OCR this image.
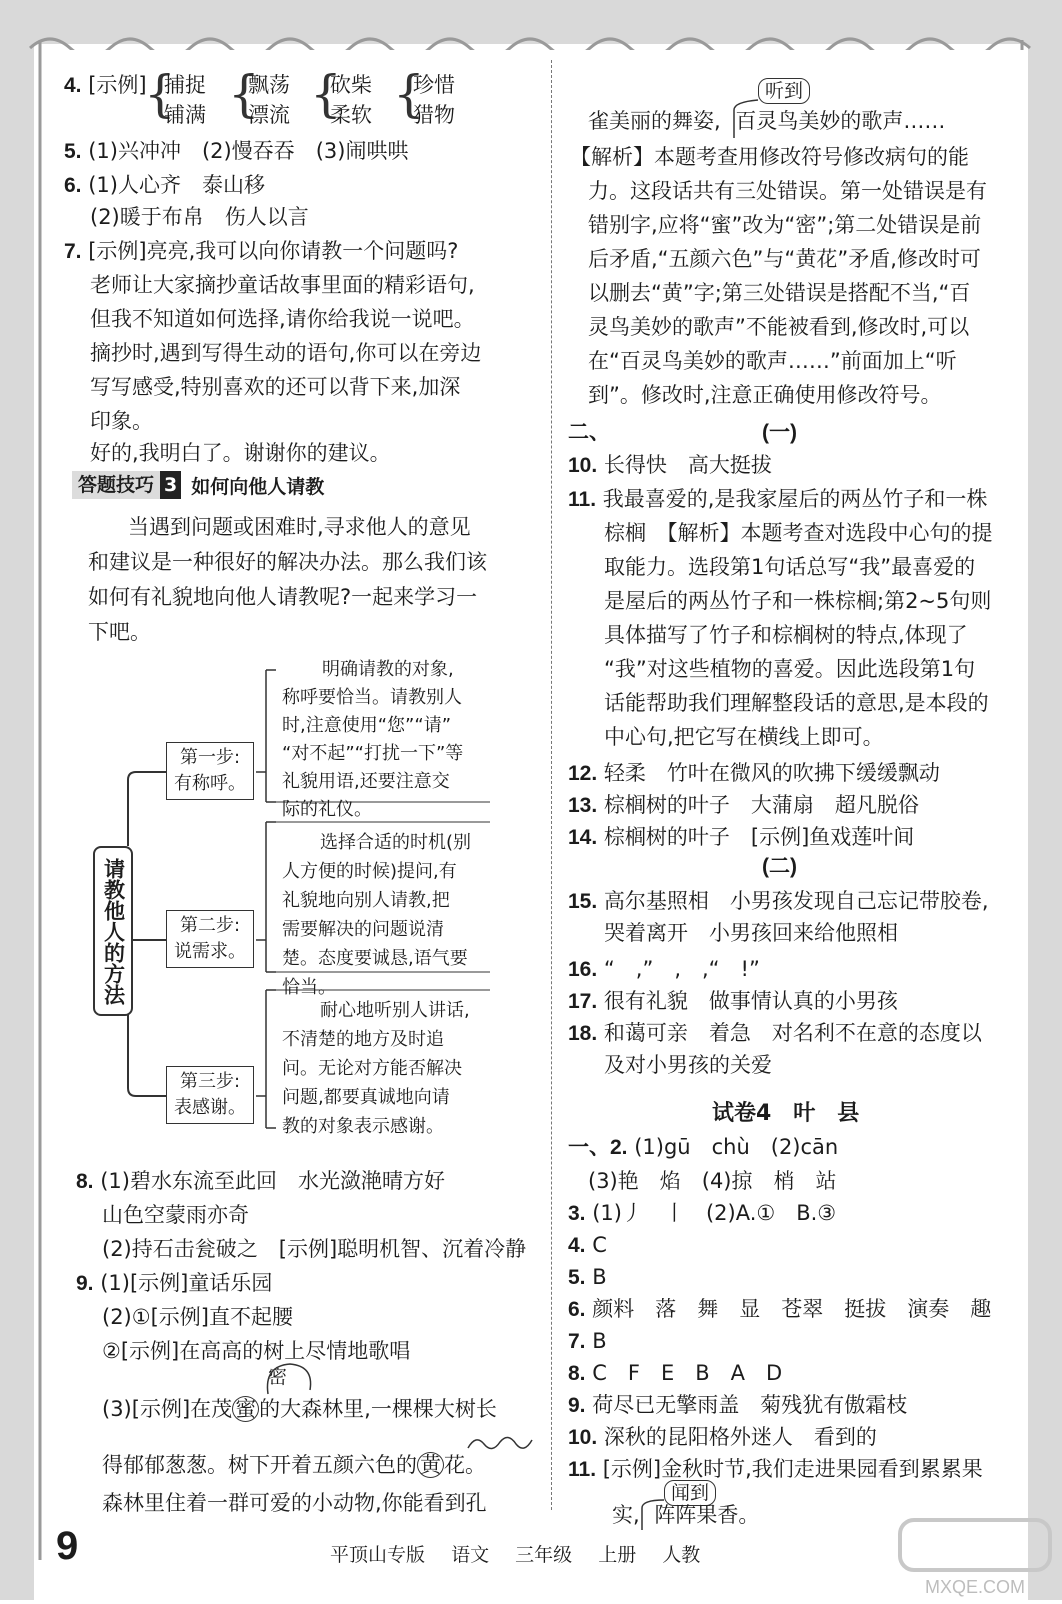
4. [示例]
{
捕捉
铺满 {
飘荡
漂流 {
砍柴
柔软 {
珍惜
猎物
5. (1)兴冲冲　(2)慢吞吞　(3)闹哄哄
6. (1)人心齐　泰山移
(2)暖于布帛　伤人以言
7. [示例]亮亮,我可以向你请教一个问题吗?
老师让大家摘抄童话故事里面的精彩语句,
但我不知道如何选择,请你给我说一说吧。
摘抄时,遇到写得生动的语句,你可以在旁边
写写感受,特别喜欢的还可以背下来,加深
印象。
好的,我明白了。谢谢你的建议。
答题技巧 3 如何向他人请教
当遇到问题或困难时,寻求他人的意见
和建议是一种很好的解决办法。那么我们该
如何有礼貌地向他人请教呢?一起来学习一
下吧。
请教他人的方法
第一步:
有称呼。
明确请教的对象,
称呼要恰当。请教别人
时,注意使用“您”“请”
“对不起”“打扰一下”等
礼貌用语,还要注意交
际的礼仪。
第二步:
说需求。
选择合适的时机(别
人方便的时候)提问,有
礼貌地向别人请教,把
需要解决的问题说清
楚。态度要诚恳,语气要
恰当。
第三步:
表感谢。
耐心地听别人讲话,
不清楚的地方及时追
问。无论对方能否解决
问题,都要真诚地向请
教的对象表示感谢。
8. (1)碧水东流至此回　水光潋滟晴方好
山色空蒙雨亦奇
(2)持石击瓮破之　[示例]聪明机智、沉着冷静
9. (1)[示例]童话乐园
(2)①[示例]直不起腰
②[示例]在高高的树上尽情地歌唱
密
(3)[示例]在茂 蜜 的大森林里,一棵棵大树长
得郁郁葱葱。树下开着五颜六色的 黄 花。
森林里住着一群可爱的小动物,你能看到孔
听到
雀美丽的舞姿, 百灵鸟美妙的歌声……
【解析】本题考查用修改符号修改病句的能
力。这段话共有三处错误。第一处错误是有
错别字,应将“蜜”改为“密”;第二处错误是前
后矛盾,“五颜六色”与“黄花”矛盾,修改时可
以删去“黄”字;第三处错误是搭配不当,“百
灵鸟美妙的歌声”不能被看到,修改时,可以
在“百灵鸟美妙的歌声……”前面加上“听
到”。修改时,注意正确使用修改符号。
二、	(一)
10. 长得快　高大挺拔
11. 我最喜爱的,是我家屋后的两丛竹子和一株
棕榈　【解析】本题考查对选段中心句的提
取能力。选段第1句话总写“我”最喜爱的
是屋后的两丛竹子和一株棕榈;第2~5句则
具体描写了竹子和棕榈树的特点,体现了
“我”对这些植物的喜爱。因此选段第1句
话能帮助我们理解整段话的意思,是本段的
中心句,把它写在横线上即可。
12. 轻柔　竹叶在微风的吹拂下缓缓飘动
13. 棕榈树的叶子　大蒲扇　超凡脱俗
14. 棕榈树的叶子　[示例]鱼戏莲叶间
(二)
15. 高尔基照相　小男孩发现自己忘记带胶卷,
哭着离开　小男孩回来给他照相
16. “　,”　,　,“　!”
17. 很有礼貌　做事情认真的小男孩
18. 和蔼可亲　着急　对名利不在意的态度以
及对小男孩的关爱
试卷4　叶　县
一、2. (1)gū　chù　(2)cān
(3)艳　焰　(4)掠　梢　站
3. (1)丿　丨　(2)A.①　B.③
4. C
5. B
6. 颜料　落　舞　显　苍翠　挺拔　演奏　趣
7. B
8. C　F　E　B　A　D
9. 荷尽已无擎雨盖　菊残犹有傲霜枝
10. 深秋的昆阳格外迷人　看到的
11. [示例]金秋时节,我们走进果园看到累累果
闻到
实, 阵阵果香。
9	平顶山专版 语文 三年级 上册 人教
MXQE.COM
